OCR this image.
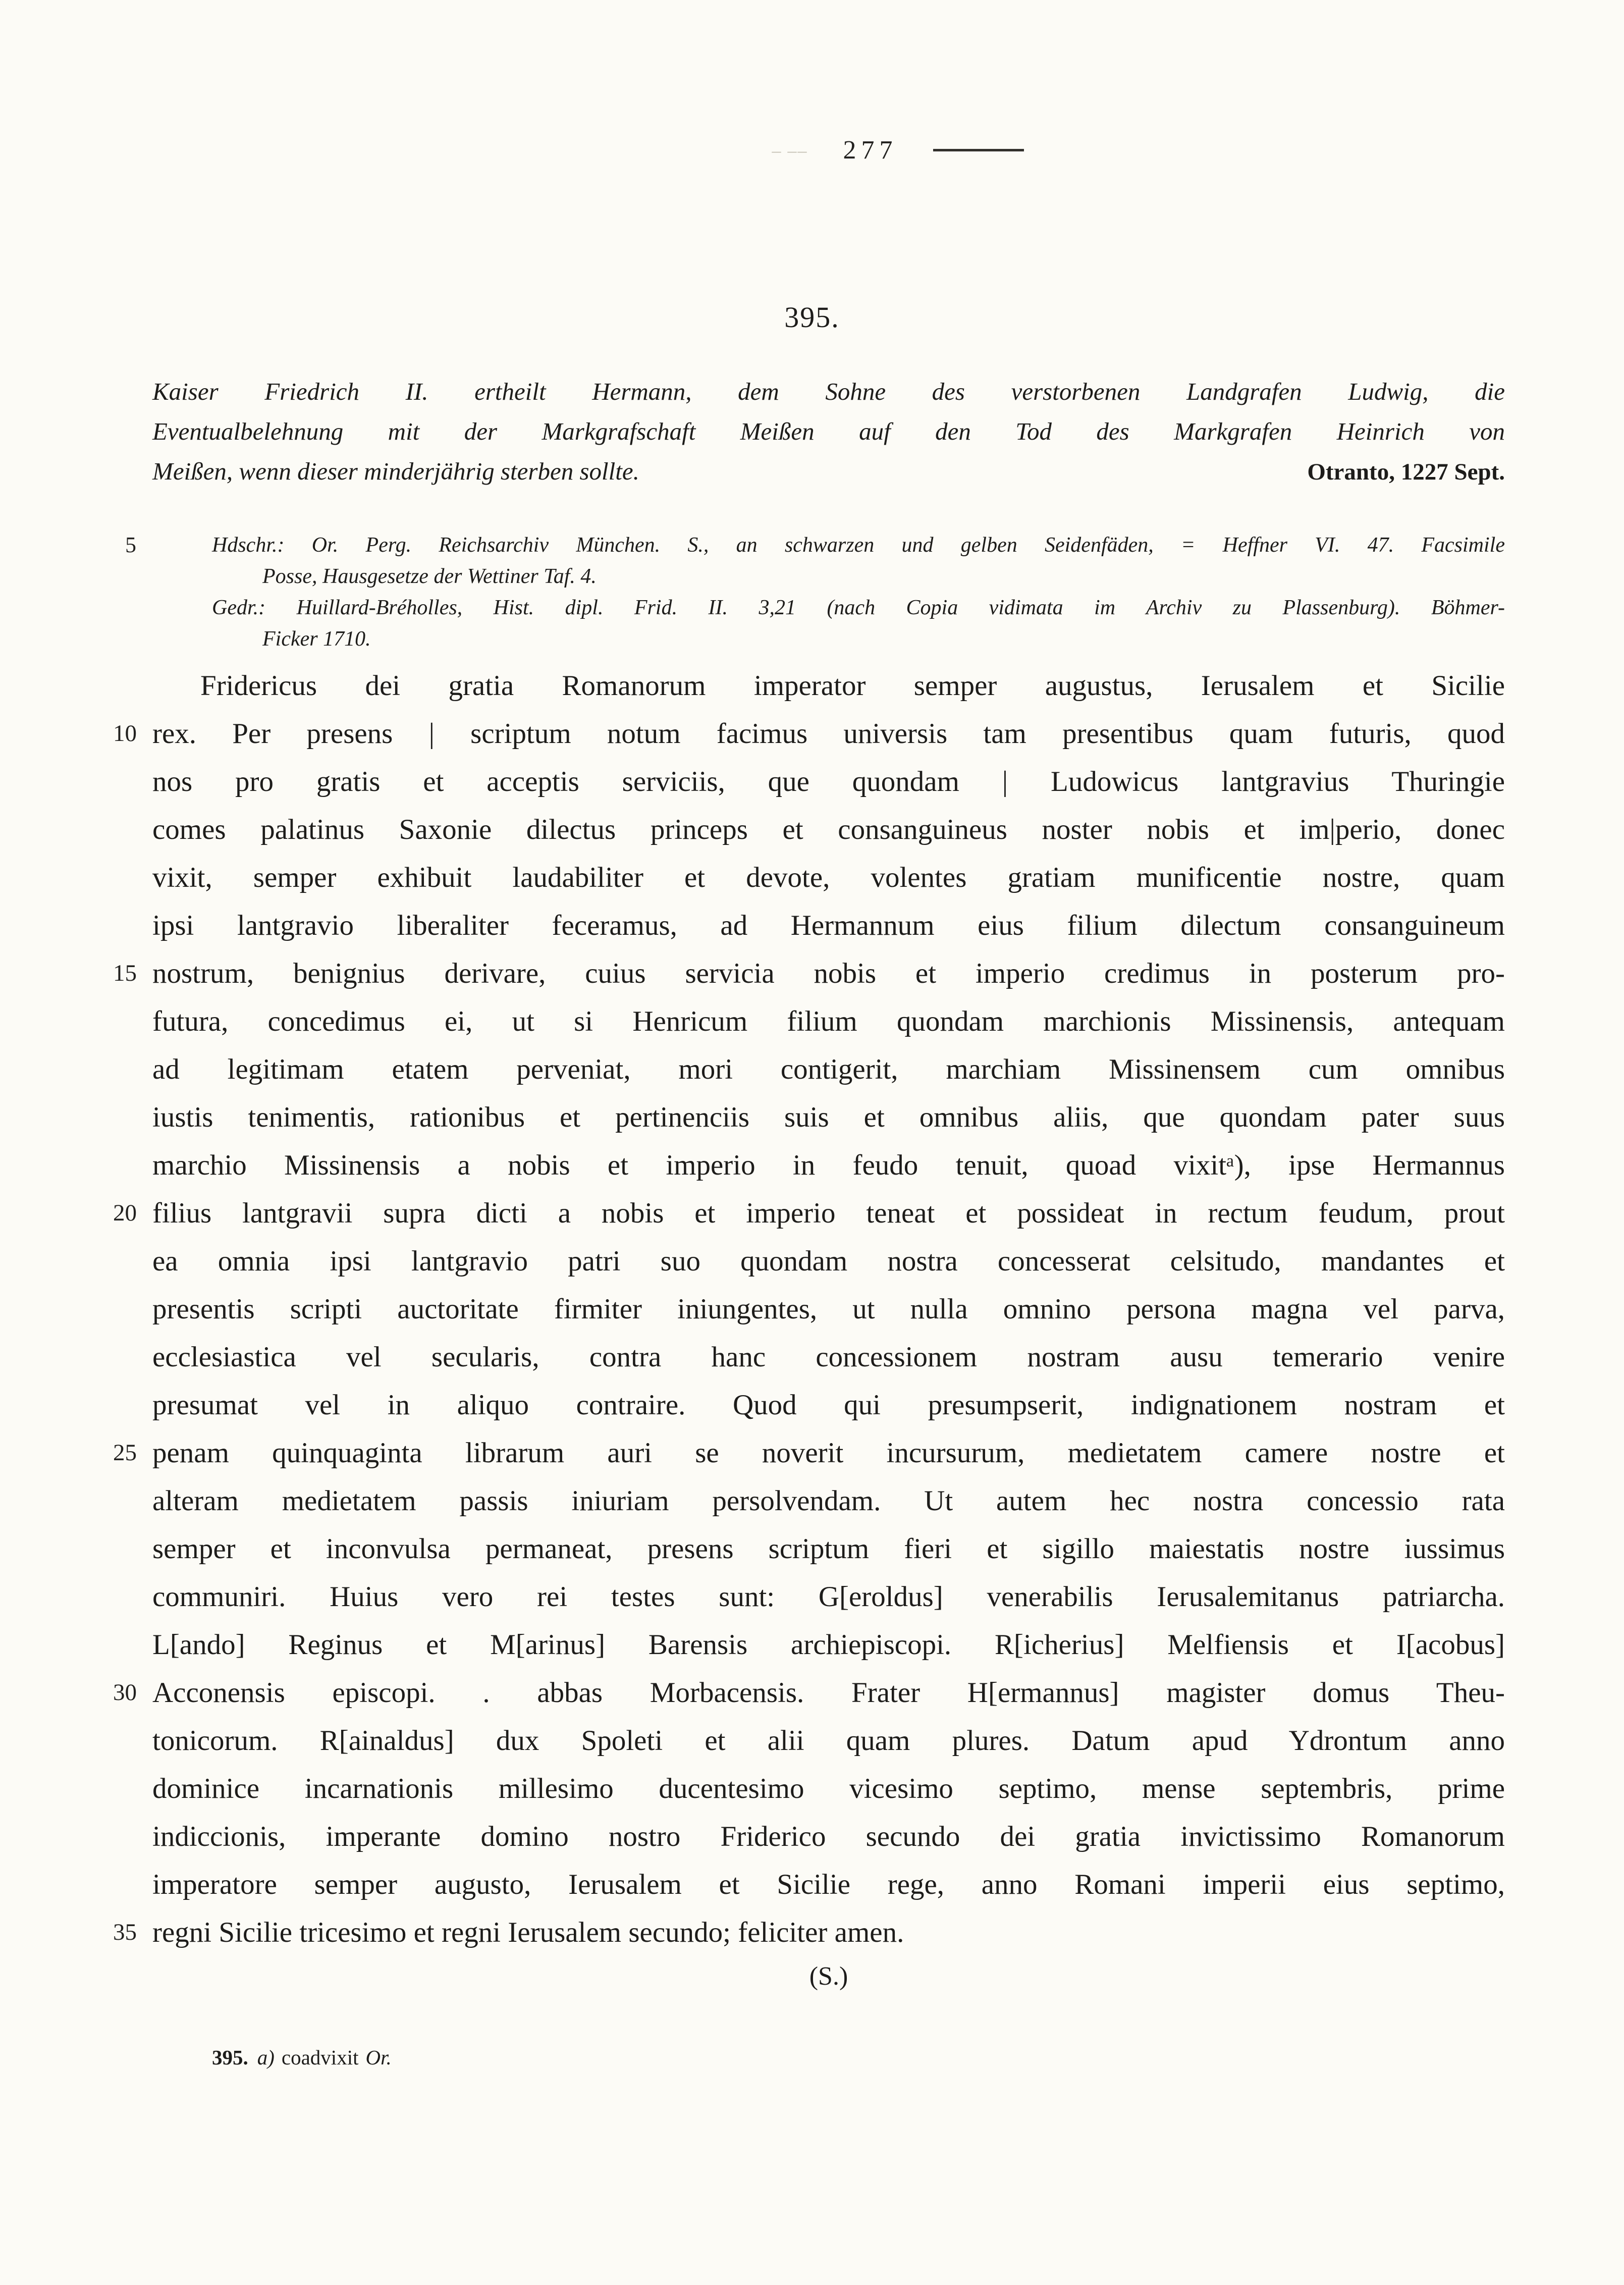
– –– 277
395.
Kaiser Friedrich II. ertheilt Hermann, dem Sohne des verstorbenen Landgrafen Ludwig, die
Eventualbelehnung mit der Markgrafschaft Meißen auf den Tod des Markgrafen Heinrich von
Meißen, wenn dieser minderjährig sterben sollte.	Otranto, 1227 Sept.
5	Hdschr.: Or. Perg. Reichsarchiv München. S., an schwarzen und gelben Seidenfäden, = Heffner VI. 47. Facsimile
Posse, Hausgesetze der Wettiner Taf. 4.
Gedr.: Huillard-Bréholles, Hist. dipl. Frid. II. 3,21 (nach Copia vidimata im Archiv zu Plassenburg). Böhmer-
Ficker 1710.
Fridericus dei gratia Romanorum imperator semper augustus, Ierusalem et Sicilie
10 rex. Per presens | scriptum notum facimus universis tam presentibus quam futuris, quod
nos pro gratis et acceptis serviciis, que quondam | Ludowicus lantgravius Thuringie
comes palatinus Saxonie dilectus princeps et consanguineus noster nobis et im|perio, donec
vixit, semper exhibuit laudabiliter et devote, volentes gratiam munificentie nostre, quam
ipsi lantgravio liberaliter feceramus, ad Hermannum eius filium dilectum consanguineum
15 nostrum, benignius derivare, cuius servicia nobis et imperio credimus in posterum pro-
futura, concedimus ei, ut si Henricum filium quondam marchionis Missinensis, antequam
ad legitimam etatem perveniat, mori contigerit, marchiam Missinensem cum omnibus
iustis tenimentis, rationibus et pertinenciis suis et omnibus aliis, que quondam pater suus
marchio Missinensis a nobis et imperio in feudo tenuit, quoad vixitᵃ), ipse Hermannus
20 filius lantgravii supra dicti a nobis et imperio teneat et possideat in rectum feudum, prout
ea omnia ipsi lantgravio patri suo quondam nostra concesserat celsitudo, mandantes et
presentis scripti auctoritate firmiter iniungentes, ut nulla omnino persona magna vel parva,
ecclesiastica vel secularis, contra hanc concessionem nostram ausu temerario venire
presumat vel in aliquo contraire. Quod qui presumpserit, indignationem nostram et
25 penam quinquaginta librarum auri se noverit incursurum, medietatem camere nostre et
alteram medietatem passis iniuriam persolvendam. Ut autem hec nostra concessio rata
semper et inconvulsa permaneat, presens scriptum fieri et sigillo maiestatis nostre iussimus
communiri. Huius vero rei testes sunt: G[eroldus] venerabilis Ierusalemitanus patriarcha.
L[ando] Reginus et M[arinus] Barensis archiepiscopi. R[icherius] Melfiensis et I[acobus]
30 Acconensis episcopi. . abbas Morbacensis. Frater H[ermannus] magister domus Theu-
tonicorum. R[ainaldus] dux Spoleti et alii quam plures. Datum apud Ydrontum anno
dominice incarnationis millesimo ducentesimo vicesimo septimo, mense septembris, prime
indiccionis, imperante domino nostro Friderico secundo dei gratia invictissimo Romanorum
imperatore semper augusto, Ierusalem et Sicilie rege, anno Romani imperii eius septimo,
35 regni Sicilie tricesimo et regni Ierusalem secundo; feliciter amen.
(S.)
395. a) coadvixit Or.
